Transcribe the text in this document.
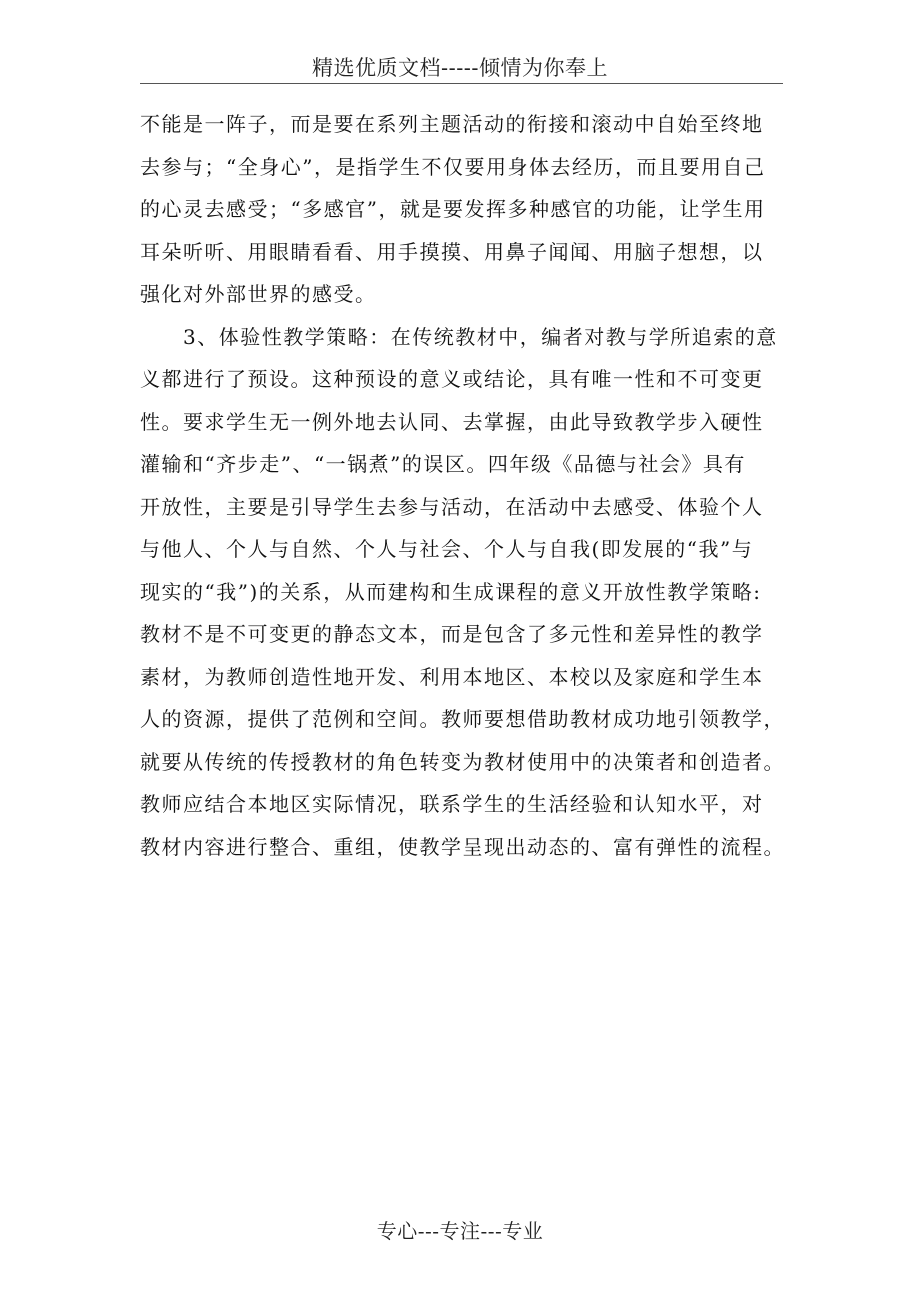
精选优质文档-----倾情为你奉上
不能是一阵子，而是要在系列主题活动的衔接和滚动中自始至终地
去参与；“全身心”，是指学生不仅要用身体去经历，而且要用自己
的心灵去感受；“多感官”，就是要发挥多种感官的功能，让学生用
耳朵听听、用眼睛看看、用手摸摸、用鼻子闻闻、用脑子想想，以
强化对外部世界的感受。
　　3、体验性教学策略：在传统教材中，编者对教与学所追索的意
义都进行了预设。这种预设的意义或结论，具有唯一性和不可变更
性。要求学生无一例外地去认同、去掌握，由此导致教学步入硬性
灌输和“齐步走”、“一锅煮”的误区。四年级《品德与社会》具有
开放性，主要是引导学生去参与活动，在活动中去感受、体验个人
与他人、个人与自然、个人与社会、个人与自我(即发展的“我”与
现实的“我”)的关系，从而建构和生成课程的意义开放性教学策略:
教材不是不可变更的静态文本，而是包含了多元性和差异性的教学
素材，为教师创造性地开发、利用本地区、本校以及家庭和学生本
人的资源，提供了范例和空间。教师要想借助教材成功地引领教学，
就要从传统的传授教材的角色转变为教材使用中的决策者和创造者。
教师应结合本地区实际情况，联系学生的生活经验和认知水平，对
教材内容进行整合、重组，使教学呈现出动态的、富有弹性的流程。
专心---专注---专业
